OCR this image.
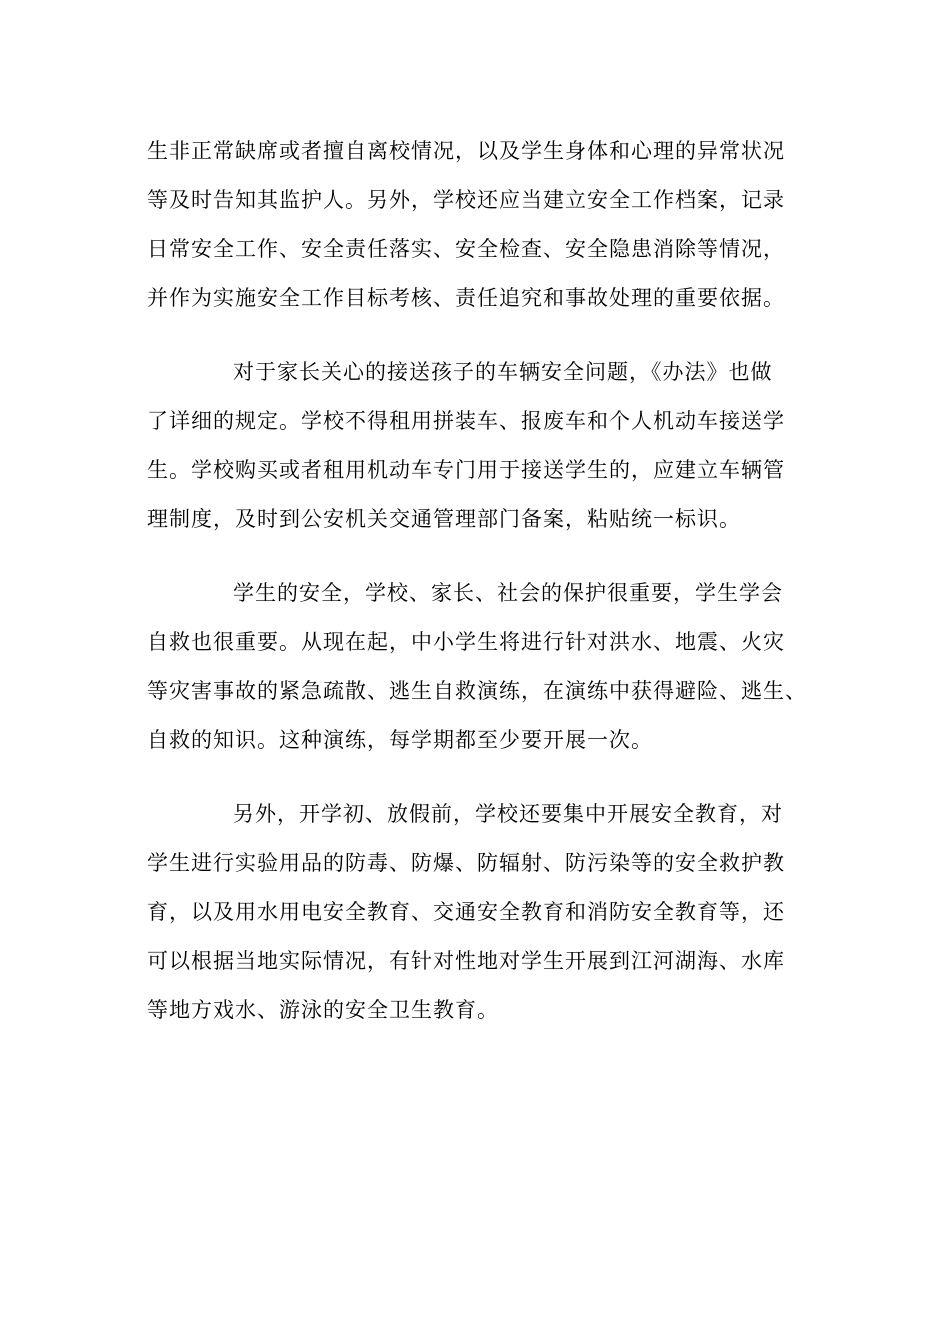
生非正常缺席或者擅自离校情况，以及学生身体和心理的异常状况
等及时告知其监护人。另外，学校还应当建立安全工作档案，记录
日常安全工作、安全责任落实、安全检查、安全隐患消除等情况，
并作为实施安全工作目标考核、责任追究和事故处理的重要依据。
对于家长关心的接送孩子的车辆安全问题，《办法》也做
了详细的规定。学校不得租用拼装车、报废车和个人机动车接送学
生。学校购买或者租用机动车专门用于接送学生的，应建立车辆管
理制度，及时到公安机关交通管理部门备案，粘贴统一标识。
学生的安全，学校、家长、社会的保护很重要，学生学会
自救也很重要。从现在起，中小学生将进行针对洪水、地震、火灾
等灾害事故的紧急疏散、逃生自救演练，在演练中获得避险、逃生、
自救的知识。这种演练，每学期都至少要开展一次。
另外，开学初、放假前，学校还要集中开展安全教育，对
学生进行实验用品的防毒、防爆、防辐射、防污染等的安全救护教
育，以及用水用电安全教育、交通安全教育和消防安全教育等，还
可以根据当地实际情况，有针对性地对学生开展到江河湖海、水库
等地方戏水、游泳的安全卫生教育。
